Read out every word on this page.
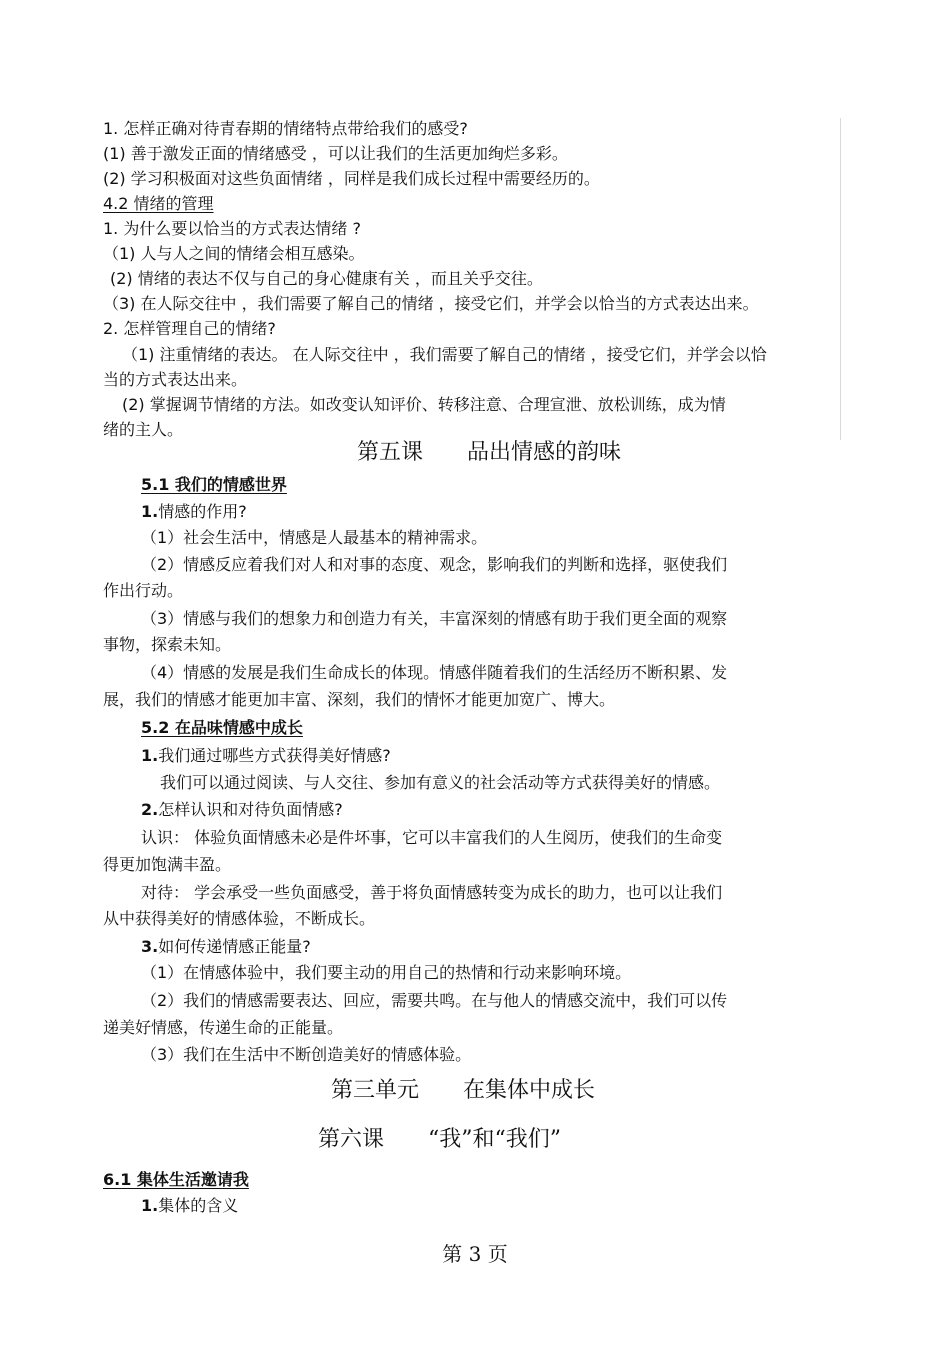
1. 怎样正确对待青春期的情绪特点带给我们的感受?
(1) 善于激发正面的情绪感受 ，可以让我们的生活更加绚烂多彩。
(2) 学习积极面对这些负面情绪 ，同样是我们成长过程中需要经历的。
4.2 情绪的管理
1. 为什么要以恰当的方式表达情绪 ?
（1) 人与人之间的情绪会相互感染。
(2) 情绪的表达不仅与自己的身心健康有关 ，而且关乎交往。
（3) 在人际交往中 ，我们需要了解自己的情绪 ，接受它们，并学会以恰当的方式表达出来。
2. 怎样管理自己的情绪?
（1) 注重情绪的表达。 在人际交往中 ，我们需要了解自己的情绪 ，接受它们，并学会以恰
当的方式表达出来。
(2) 掌握调节情绪的方法。如改变认知评价、转移注意、合理宣泄、放松训练，成为情
绪的主人。
第五课　　品出情感的韵味
5.1 我们的情感世界
1.情感的作用?
（1）社会生活中，情感是人最基本的精神需求。
（2）情感反应着我们对人和对事的态度、观念，影响我们的判断和选择，驱使我们
作出行动。
（3）情感与我们的想象力和创造力有关，丰富深刻的情感有助于我们更全面的观察
事物，探索未知。
（4）情感的发展是我们生命成长的体现。情感伴随着我们的生活经历不断积累、发
展，我们的情感才能更加丰富、深刻，我们的情怀才能更加宽广、博大。
5.2 在品味情感中成长
1.我们通过哪些方式获得美好情感?
我们可以通过阅读、与人交往、参加有意义的社会活动等方式获得美好的情感。
2.怎样认识和对待负面情感?
认识： 体验负面情感未必是件坏事，它可以丰富我们的人生阅历，使我们的生命变
得更加饱满丰盈。
对待： 学会承受一些负面感受，善于将负面情感转变为成长的助力，也可以让我们
从中获得美好的情感体验，不断成长。
3.如何传递情感正能量?
（1）在情感体验中，我们要主动的用自己的热情和行动来影响环境。
（2）我们的情感需要表达、回应，需要共鸣。在与他人的情感交流中，我们可以传
递美好情感，传递生命的正能量。
（3）我们在生活中不断创造美好的情感体验。
第三单元　　在集体中成长
第六课　　“我”和“我们”
6.1 集体生活邀请我
1.集体的含义
第 3 页
